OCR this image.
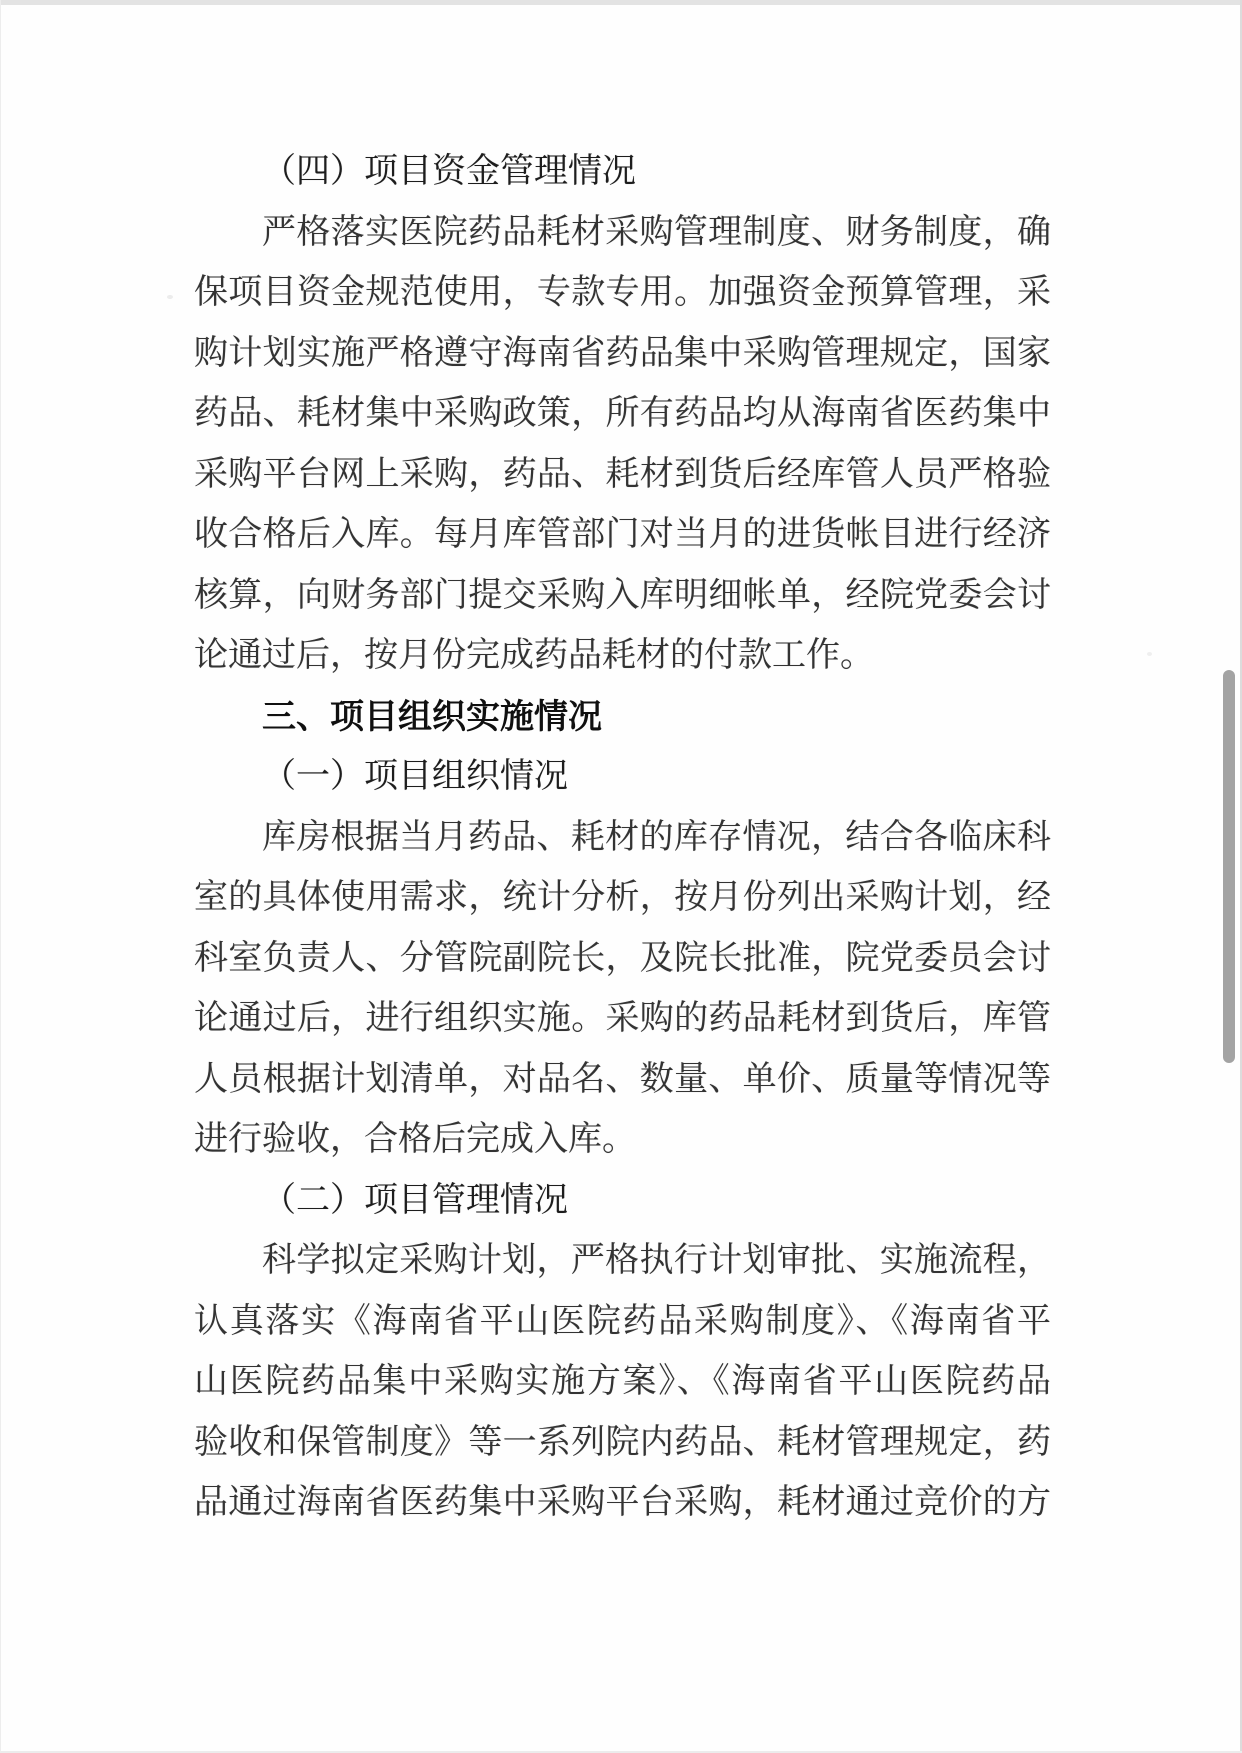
（四）项目资金管理情况
严格落实医院药品耗材采购管理制度、财务制度，确
保项目资金规范使用，专款专用。加强资金预算管理，采
购计划实施严格遵守海南省药品集中采购管理规定，国家
药品、耗材集中采购政策，所有药品均从海南省医药集中
采购平台网上采购，药品、耗材到货后经库管人员严格验
收合格后入库。每月库管部门对当月的进货帐目进行经济
核算，向财务部门提交采购入库明细帐单，经院党委会讨
论通过后，按月份完成药品耗材的付款工作。
三、项目组织实施情况
（一）项目组织情况
库房根据当月药品、耗材的库存情况，结合各临床科
室的具体使用需求，统计分析，按月份列出采购计划，经
科室负责人、分管院副院长，及院长批准，院党委员会讨
论通过后，进行组织实施。采购的药品耗材到货后，库管
人员根据计划清单，对品名、数量、单价、质量等情况等
进行验收，合格后完成入库。
（二）项目管理情况
科学拟定采购计划，严格执行计划审批、实施流程，
认真落实《海南省平山医院药品采购制度》、《海南省平
山医院药品集中采购实施方案》、《海南省平山医院药品
验收和保管制度》等一系列院内药品、耗材管理规定，药
品通过海南省医药集中采购平台采购，耗材通过竞价的方
